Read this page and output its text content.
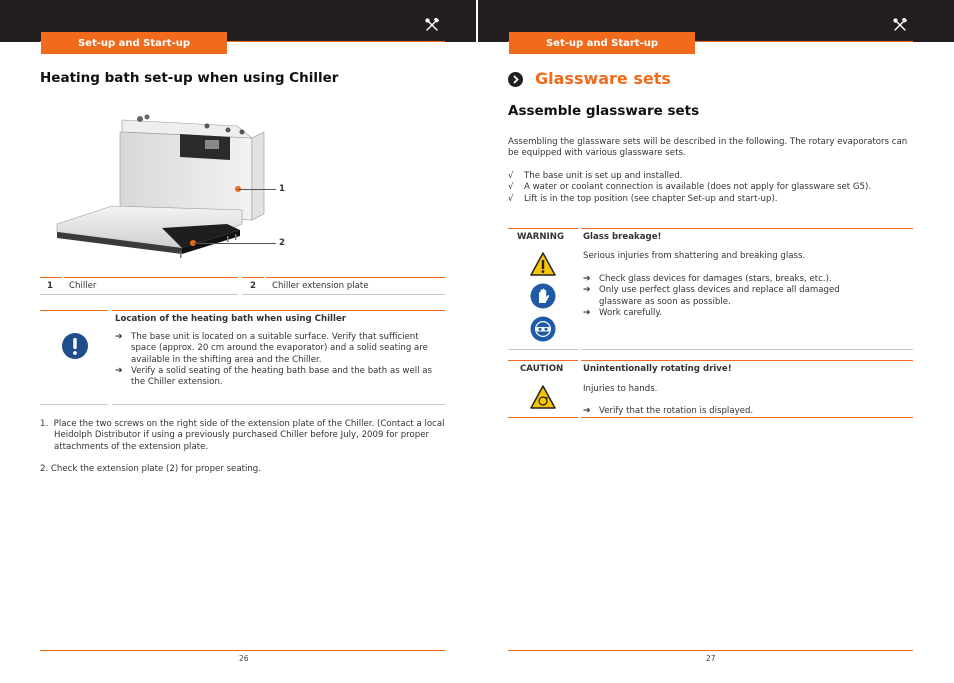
Set-up and Start-up	Set-up and Start-up
Heating bath set-up when using Chiller
1
2
1 Chiller	2 Chiller extension plate
Location of the heating bath when using Chiller
➔ The base unit is located on a suitable surface. Verify that sufficient space (approx. 20 cm around the evaporator) and a solid seating are available in the shifting area and the Chiller.
➔ Verify a solid seating of the heating bath base and the bath as well as the Chiller extension.
1.  Place the two screws on the right side of the extension plate of the Chiller. (Contact a local Heidolph Distributor if using a previously purchased Chiller before July, 2009 for proper attachments of the extension plate.
2. Check the extension plate (2) for proper seating.
26
Glassware sets
Assemble glassware sets
Assembling the glassware sets will be described in the following. The rotary evaporators can be equipped with various glassware sets.
√ The base unit is set up and installed.
√ A water or coolant connection is available (does not apply for glassware set G5).
√ Lift is in the top position (see chapter Set-up and start-up).
WARNING Glass breakage!
Serious injuries from shattering and breaking glass.
➔ Check glass devices for damages (stars, breaks, etc.).
➔ Only use perfect glass devices and replace all damaged glassware as soon as possible.
➔ Work carefully.
CAUTION Unintentionally rotating drive!
Injuries to hands.
➔ Verify that the rotation is displayed.
27
